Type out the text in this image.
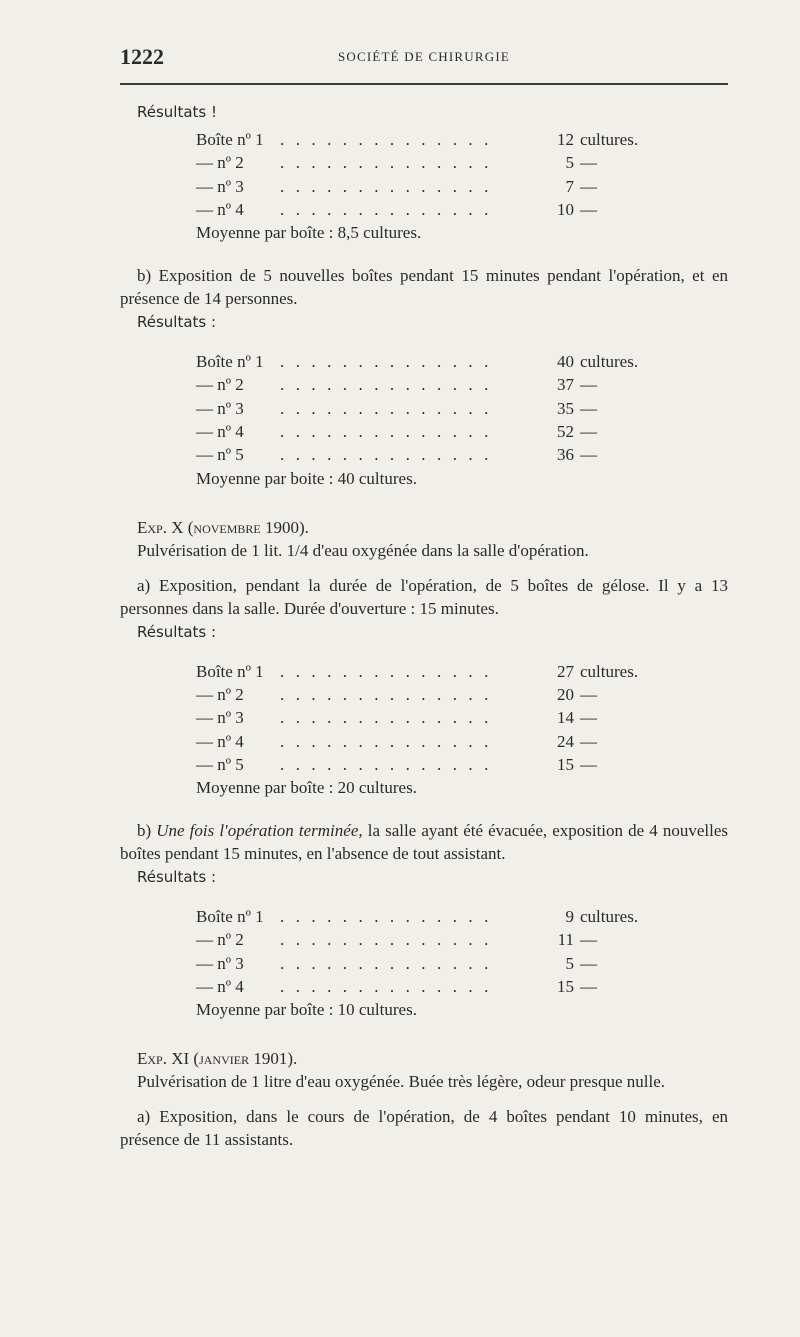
1222	SOCIÉTÉ DE CHIRURGIE
Résultats !
Boîte nº 1 . . . . . . . . . . . . . .	12 cultures.
— nº 2 . . . . . . . . . . . . . .	5 —
— nº 3 . . . . . . . . . . . . . .	7 —
— nº 4 . . . . . . . . . . . . . .	10 —
Moyenne par boîte : 8,5 cultures.

b) Exposition de 5 nouvelles boîtes pendant 15 minutes pendant l'opération, et en présence de 14 personnes.

Résultats :
Boîte nº 1 . . . . . . . . . . . . . .	40 cultures.
— nº 2 . . . . . . . . . . . . . .	37 —
— nº 3 . . . . . . . . . . . . . .	35 —
— nº 4 . . . . . . . . . . . . . .	52 —
— nº 5 . . . . . . . . . . . . . .	36 —
Moyenne par boite : 40 cultures.

Exp. X (novembre 1900).

Pulvérisation de 1 lit. 1/4 d'eau oxygénée dans la salle d'opération.

a) Exposition, pendant la durée de l'opération, de 5 boîtes de gélose. Il y a 13 personnes dans la salle. Durée d'ouverture : 15 minutes.

Résultats :
Boîte nº 1 . . . . . . . . . . . . . .	27 cultures.
— nº 2 . . . . . . . . . . . . . .	20 —
— nº 3 . . . . . . . . . . . . . .	14 —
— nº 4 . . . . . . . . . . . . . .	24 —
— nº 5 . . . . . . . . . . . . . .	15 —
Moyenne par boîte : 20 cultures.

b) Une fois l'opération terminée, la salle ayant été évacuée, exposition de 4 nouvelles boîtes pendant 15 minutes, en l'absence de tout assistant.

Résultats :
Boîte nº 1 . . . . . . . . . . . . . .	9 cultures.
— nº 2 . . . . . . . . . . . . . .	11 —
— nº 3 . . . . . . . . . . . . . .	5 —
— nº 4 . . . . . . . . . . . . . .	15 —
Moyenne par boîte : 10 cultures.

Exp. XI (janvier 1901).

Pulvérisation de 1 litre d'eau oxygénée. Buée très légère, odeur presque nulle.

a) Exposition, dans le cours de l'opération, de 4 boîtes pendant 10 minutes, en présence de 11 assistants.
